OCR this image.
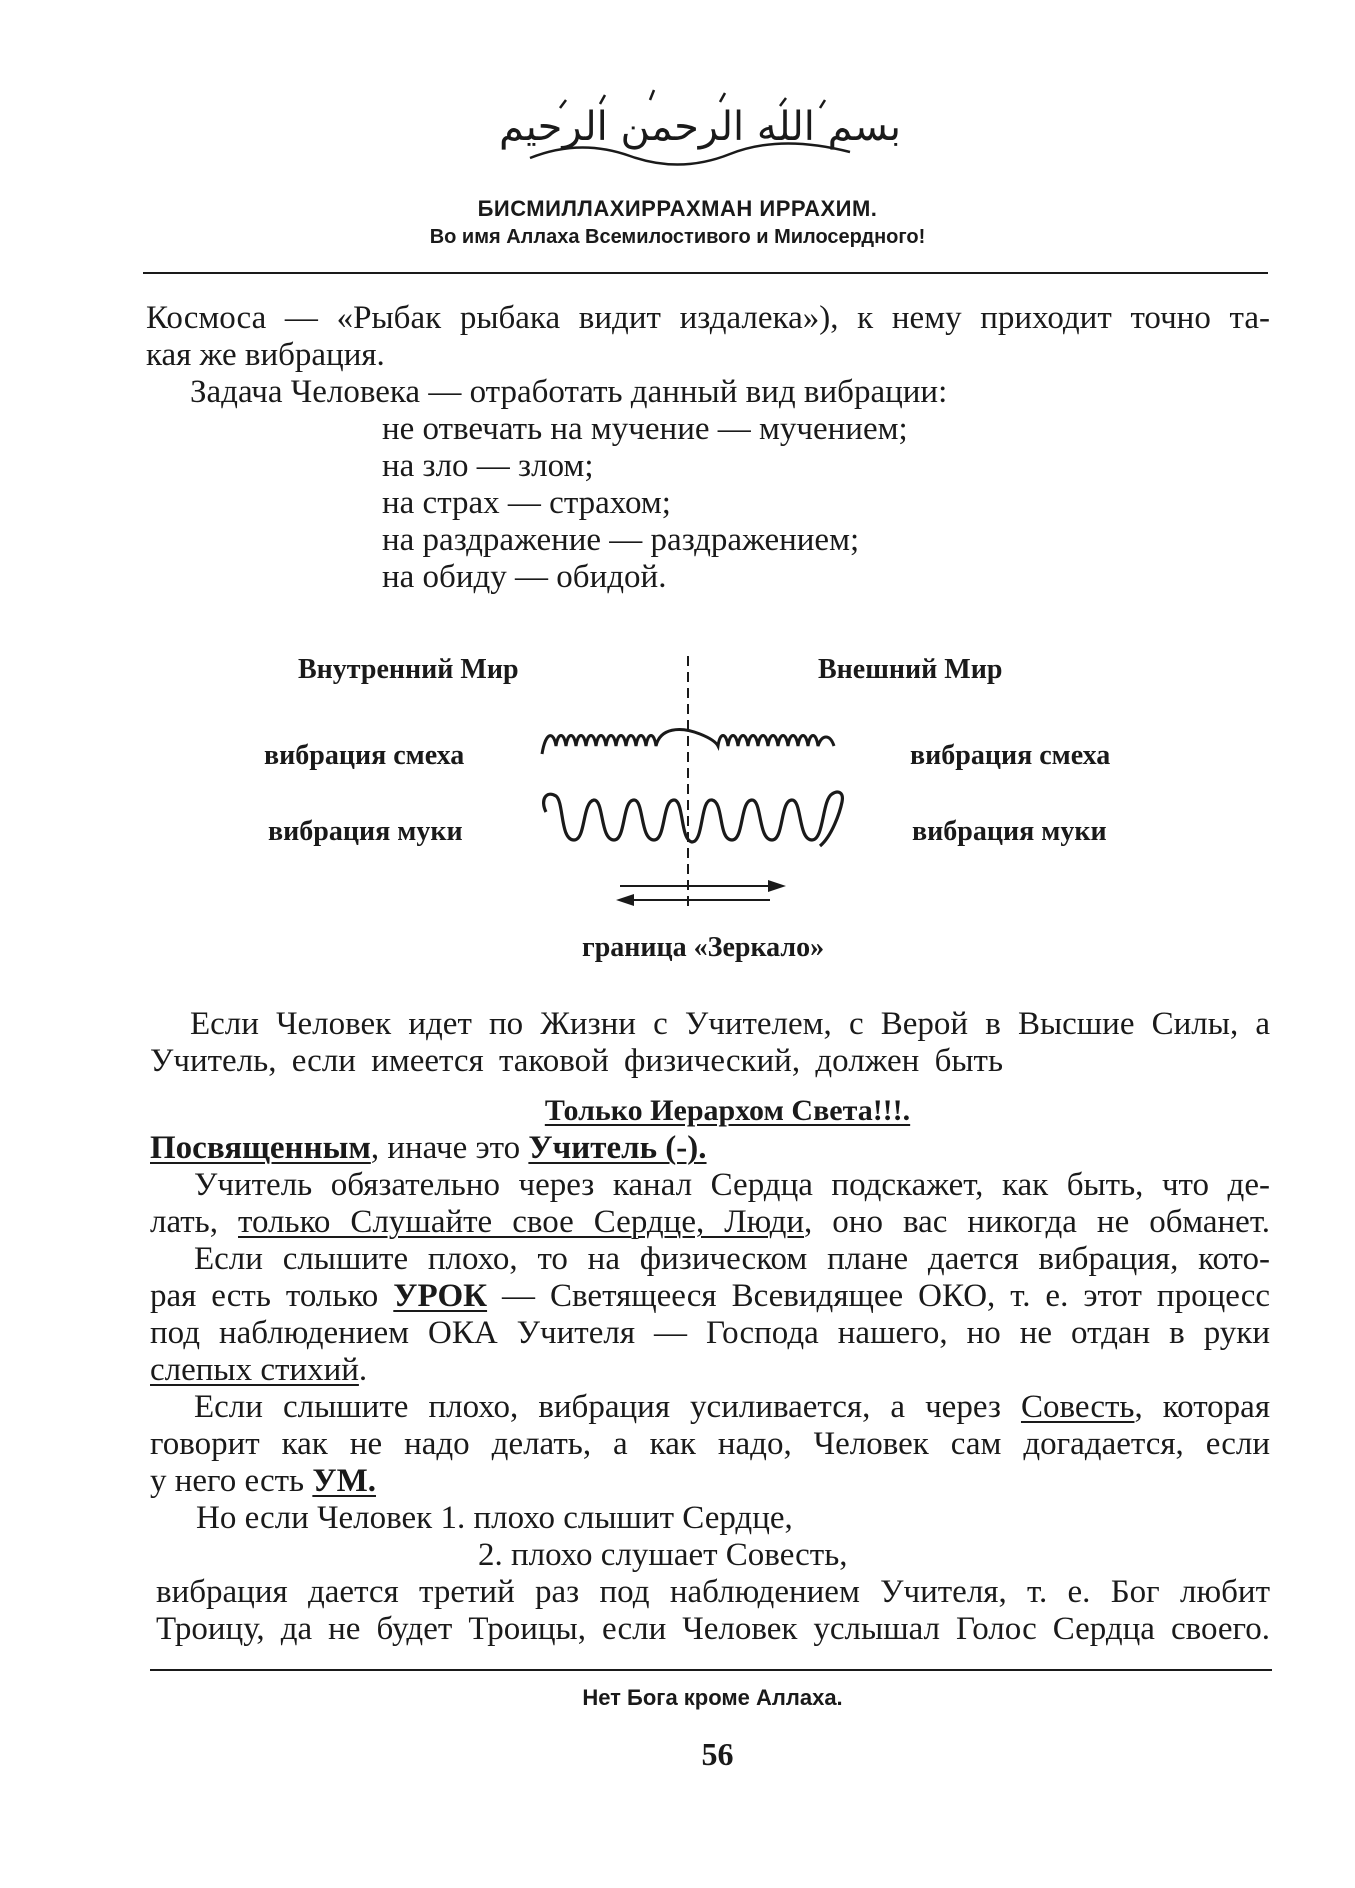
بسم الله الرحمن الرحيم
БИСМИЛЛАХИРРАХМАН ИРРАХИМ.
Во имя Аллаха Всемилостивого и Милосердного!
Космоса — «Рыбак рыбака видит издалека»), к нему приходит точно та-
кая же вибрация.
Задача Человека — отработать данный вид вибрации:
не отвечать на мучение — мучением;
на зло — злом;
на страх — страхом;
на раздражение — раздражением;
на обиду — обидой.
Внутренний Мир	Внешний Мир
вибрация смеха	вибрация смеха
вибрация муки	вибрация муки
граница «Зеркало»
Если Человек идет по Жизни с Учителем, с Верой в Высшие Силы, а
Учитель, если имеется таковой физический, должен быть
Только Иерархом Света!!!.
Посвященным, иначе это Учитель (-).
Учитель обязательно через канал Сердца подскажет, как быть, что де-
лать, только Слушайте свое Сердце, Люди, оно вас никогда не обманет.
Если слышите плохо, то на физическом плане дается вибрация, кото-
рая есть только УРОК — Светящееся Всевидящее ОКО, т. е. этот процесс
под наблюдением ОКА Учителя — Господа нашего, но не отдан в руки
слепых стихий.
Если слышите плохо, вибрация усиливается, а через Совесть, которая
говорит как не надо делать, а как надо, Человек сам догадается, если
у него есть УМ.
Но если Человек 1. плохо слышит Сердце,
2. плохо слушает Совесть,
вибрация дается третий раз под наблюдением Учителя, т. е. Бог любит
Троицу, да не будет Троицы, если Человек услышал Голос Сердца своего.
Нет Бога кроме Аллаха.
56
